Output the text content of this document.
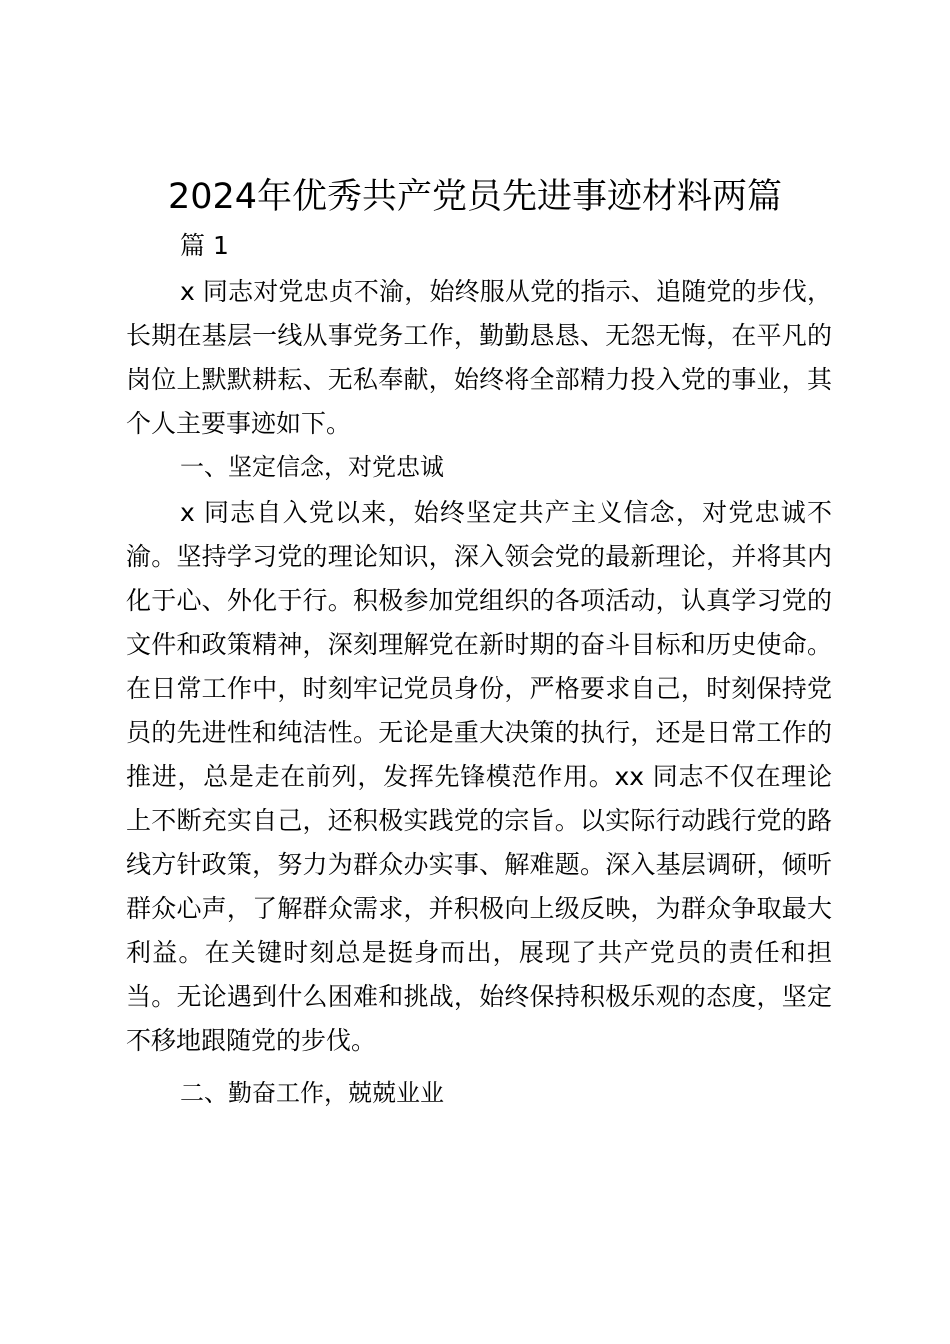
2024年优秀共产党员先进事迹材料两篇
篇 1

x 同志对党忠贞不渝，始终服从党的指示、追随党的步伐，长期在基层一线从事党务工作，勤勤恳恳、无怨无悔，在平凡的岗位上默默耕耘、无私奉献，始终将全部精力投入党的事业，其个人主要事迹如下。

一、坚定信念，对党忠诚

x 同志自入党以来，始终坚定共产主义信念，对党忠诚不渝。坚持学习党的理论知识，深入领会党的最新理论，并将其内化于心、外化于行。积极参加党组织的各项活动，认真学习党的文件和政策精神，深刻理解党在新时期的奋斗目标和历史使命。在日常工作中，时刻牢记党员身份，严格要求自己，时刻保持党员的先进性和纯洁性。无论是重大决策的执行，还是日常工作的推进，总是走在前列，发挥先锋模范作用。xx 同志不仅在理论上不断充实自己，还积极实践党的宗旨。以实际行动践行党的路线方针政策，努力为群众办实事、解难题。深入基层调研，倾听群众心声，了解群众需求，并积极向上级反映，为群众争取最大利益。在关键时刻总是挺身而出，展现了共产党员的责任和担当。无论遇到什么困难和挑战，始终保持积极乐观的态度，坚定不移地跟随党的步伐。

二、勤奋工作，兢兢业业
